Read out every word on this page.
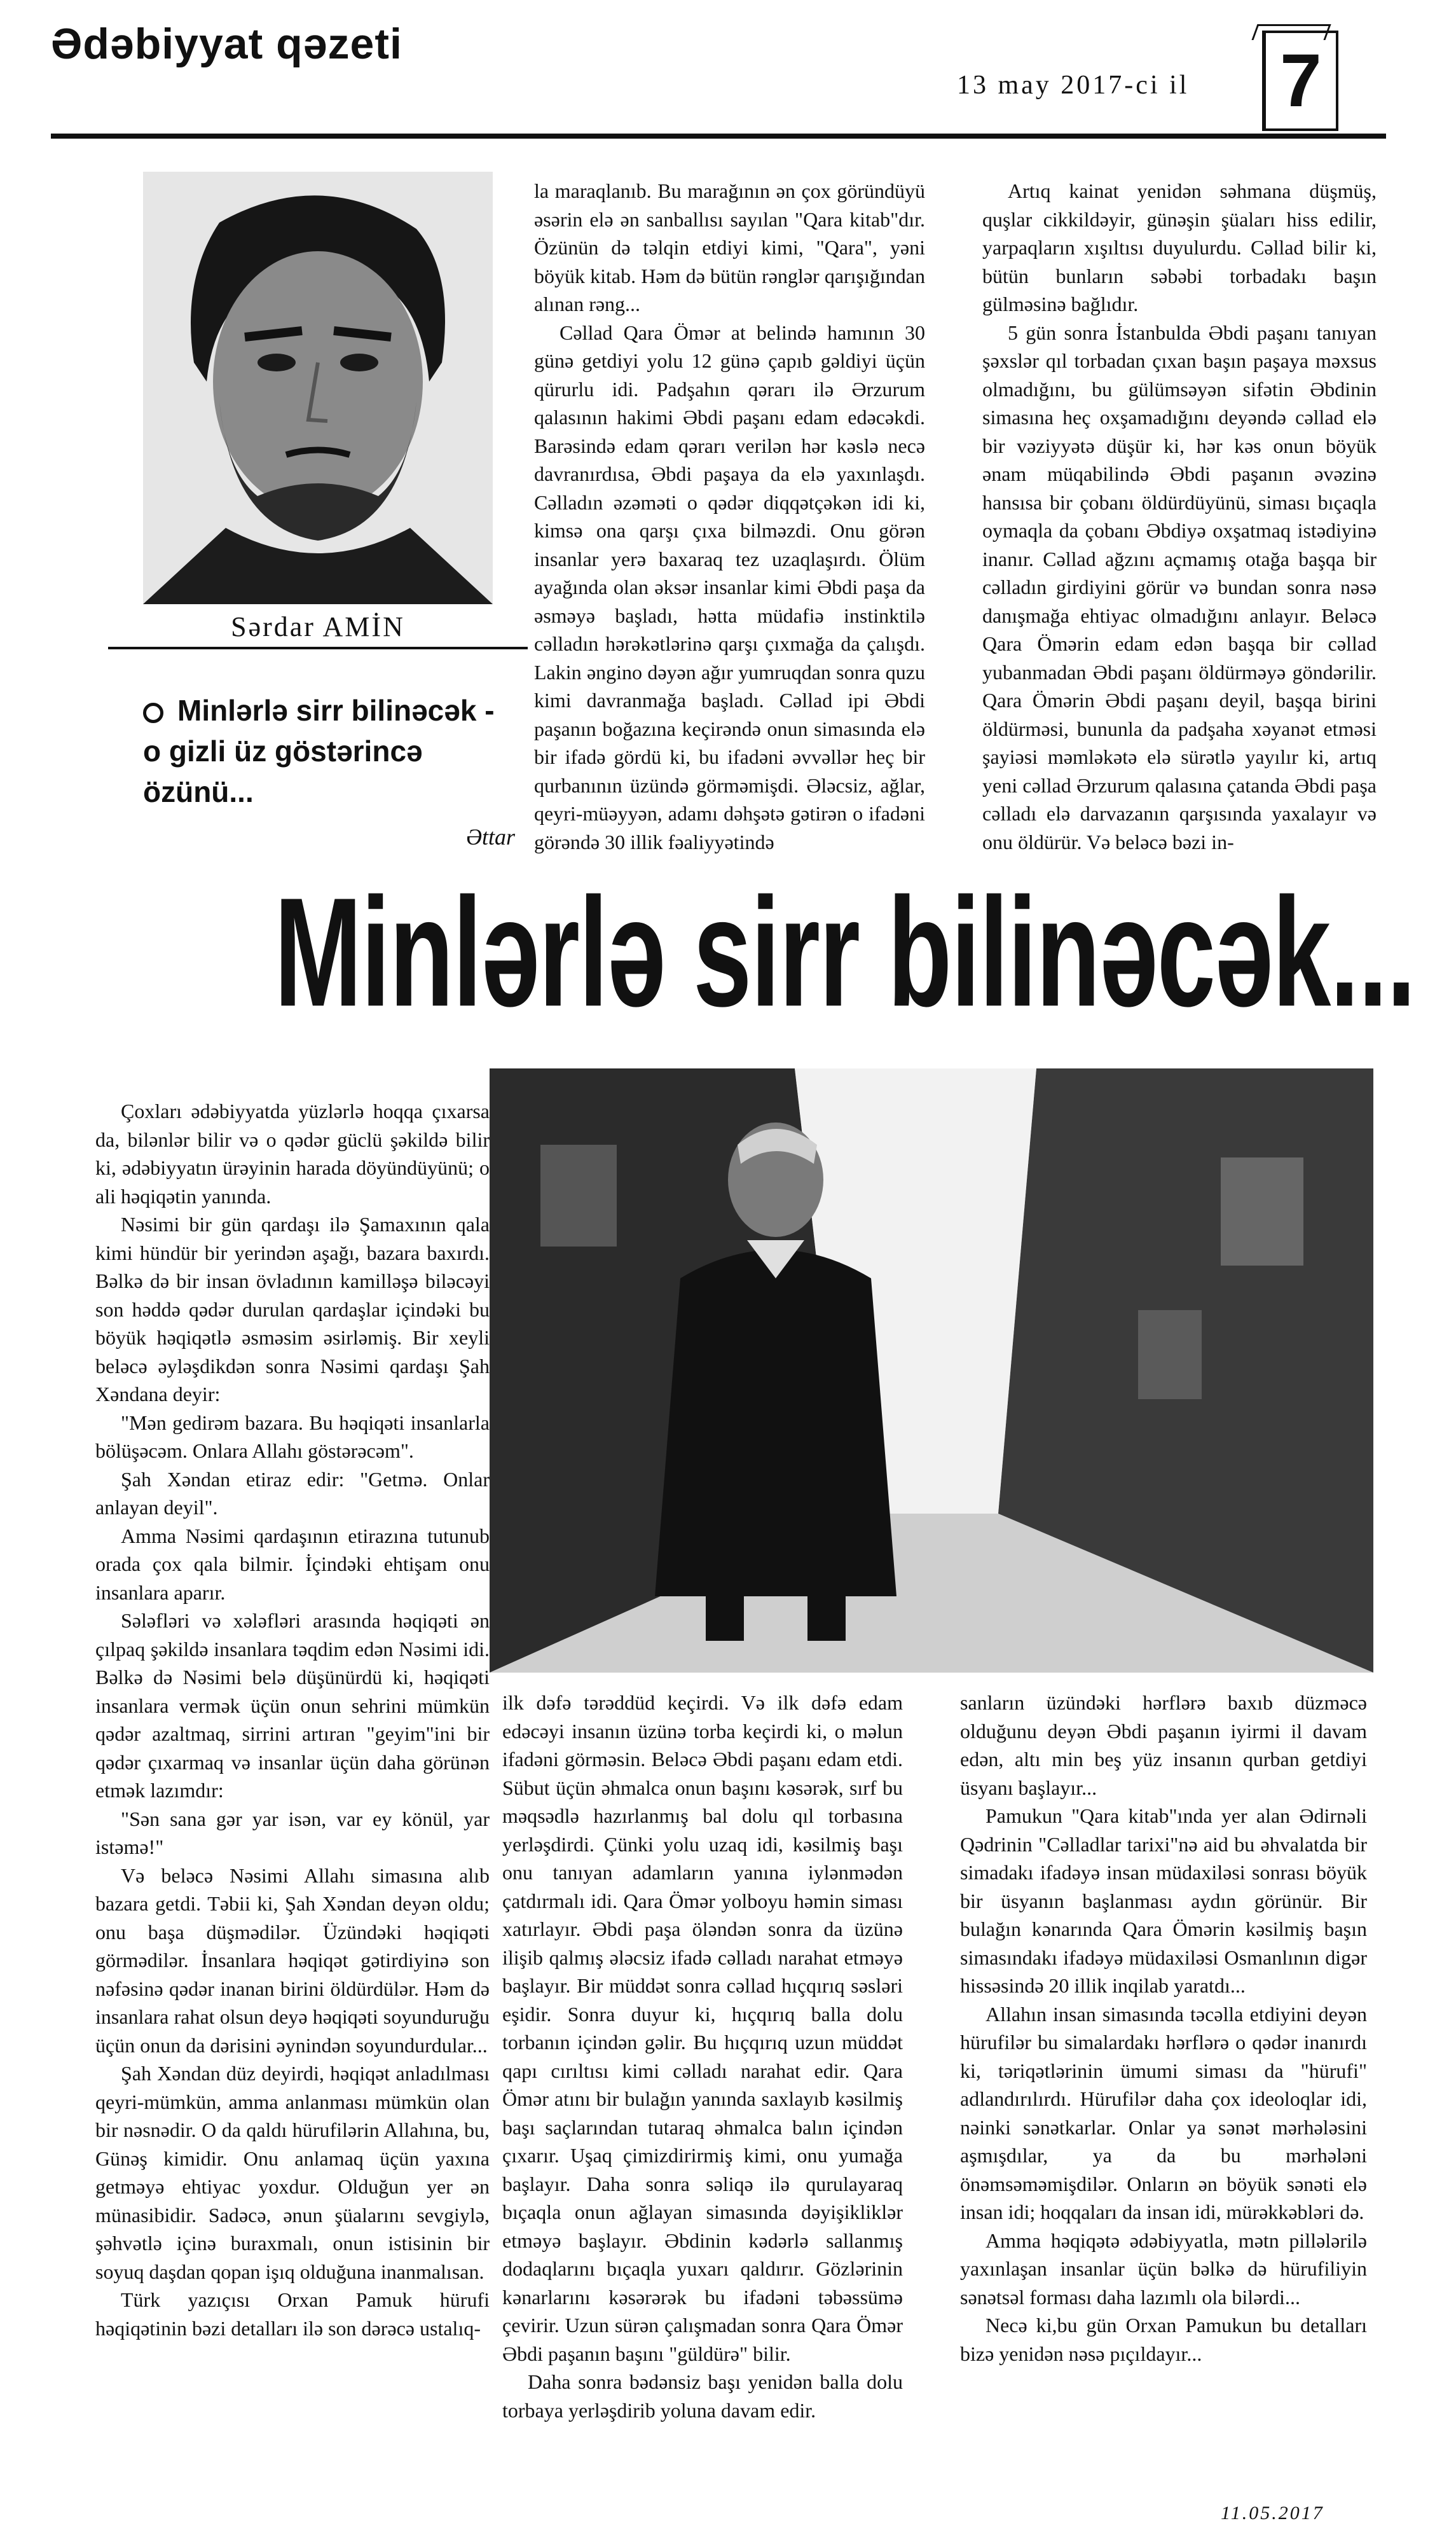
Ədəbiyyat qəzeti
13 may 2017-ci il 7
Sərdar AMİN
Minlərlə sirr bilinəcək - o gizli üz göstərincə özünü...
Əttar

la maraqlanıb. Bu marağının ən çox göründüyü əsərin elə ən sanballısı sayılan "Qara kitab"dır. Özünün də təlqin etdiyi kimi, "Qara", yəni böyük kitab. Həm də bütün rənglər qarışığından alınan rəng...

Cəllad Qara Ömər at belində hamının 30 günə getdiyi yolu 12 günə çapıb gəldiyi üçün qürurlu idi. Padşahın qərarı ilə Ərzurum qalasının hakimi Əbdi paşanı edam edəcəkdi. Barəsində edam qərarı verilən hər kəslə necə davranırdısa, Əbdi paşaya da elə yaxınlaşdı. Cəlladın əzəməti o qədər diqqətçəkən idi ki, kimsə ona qarşı çıxa bilməzdi. Onu görən insanlar yerə baxaraq tez uzaqlaşırdı. Ölüm ayağında olan əksər insanlar kimi Əbdi paşa da əsməyə başladı, hətta müdafiə instinktilə cəlladın hərəkətlərinə qarşı çıxmağa da çalışdı. Lakin əngino dəyən ağır yumruqdan sonra quzu kimi davranmağa başladı. Cəllad ipi Əbdi paşanın boğazına keçirəndə onun simasında elə bir ifadə gördü ki, bu ifadəni əvvəllər heç bir qurbanının üzündə görməmişdi. Ələcsiz, ağlar, qeyri-müəyyən, adamı dəhşətə gətirən o ifadəni görəndə 30 illik fəaliyyətində

Artıq kainat yenidən səhmana düşmüş, quşlar cikkildəyir, günəşin şüaları hiss edilir, yarpaqların xışıltısı duyulurdu. Cəllad bilir ki, bütün bunların səbəbi torbadakı başın gülməsinə bağlıdır.

5 gün sonra İstanbulda Əbdi paşanı tanıyan şəxslər qıl torbadan çıxan başın paşaya məxsus olmadığını, bu gülümsəyən sifətin Əbdinin simasına heç oxşamadığını deyəndə cəllad elə bir vəziyyətə düşür ki, hər kəs onun böyük ənam müqabilində Əbdi paşanın əvəzinə hansısa bir çobanı öldürdüyünü, siması bıçaqla oymaqla da çobanı Əbdiyə oxşatmaq istədiyinə inanır. Cəllad ağzını açmamış otağa başqa bir cəlladın girdiyini görür və bundan sonra nəsə danışmağa ehtiyac olmadığını anlayır. Beləcə Qara Ömərin edam edən başqa bir cəllad yubanmadan Əbdi paşanı öldürməyə göndərilir. Qara Ömərin Əbdi paşanı deyil, başqa birini öldürməsi, bununla da padşaha xəyanət etməsi şayiəsi məmləkətə elə sürətlə yayılır ki, artıq yeni cəllad Ərzurum qalasına çatanda Əbdi paşa cəlladı elə darvazanın qarşısında yaxalayır və onu öldürür. Və beləcə bəzi in-

Minlərlə sirr bilinəcək...

Çoxları ədəbiyyatda yüzlərlə hoqqa çıxarsa da, bilənlər bilir və o qədər güclü şəkildə bilir ki, ədəbiyyatın ürəyinin harada döyündüyünü; o ali həqiqətin yanında.

Nəsimi bir gün qardaşı ilə Şamaxının qala kimi hündür bir yerindən aşağı, bazara baxırdı. Bəlkə də bir insan övladının kamilləşə biləcəyi son həddə qədər durulan qardaşlar içindəki bu böyük həqiqətlə əsməsim əsirləmiş. Bir xeyli beləcə əyləşdikdən sonra Nəsimi qardaşı Şah Xəndana deyir:

"Mən gedirəm bazara. Bu həqiqəti insanlarla bölüşəcəm. Onlara Allahı göstərəcəm".

Şah Xəndan etiraz edir: "Getmə. Onlar anlayan deyil".

Amma Nəsimi qardaşının etirazına tutunub orada çox qala bilmir. İçindəki ehtişam onu insanlara aparır.

Sələfləri və xələfləri arasında həqiqəti ən çılpaq şəkildə insanlara təqdim edən Nəsimi idi. Bəlkə də Nəsimi belə düşünürdü ki, həqiqəti insanlara vermək üçün onun sehrini mümkün qədər azaltmaq, sirrini artıran "geyim"ini bir qədər çıxarmaq və insanlar üçün daha görünən etmək lazımdır:

"Sən sana gər yar isən, var ey könül, yar istəmə!"

Və beləcə Nəsimi Allahı simasına alıb bazara getdi. Təbii ki, Şah Xəndan deyən oldu; onu başa düşmədilər. Üzündəki həqiqəti görmədilər. İnsanlara həqiqət gətirdiyinə son nəfəsinə qədər inanan birini öldürdülər. Həm də insanlara rahat olsun deyə həqiqəti soyunduruğu üçün onun da dərisini əynindən soyundurdular...

Şah Xəndan düz deyirdi, həqiqət anladılması qeyri-mümkün, amma anlanması mümkün olan bir nəsnədir. O da qaldı hürufilərin Allahına, bu, Günəş kimidir. Onu anlamaq üçün yaxına getməyə ehtiyac yoxdur. Olduğun yer ən münasibidir. Sadəcə, ənun şüalarını sevgiylə, şəhvətlə içinə buraxmalı, onun istisinin bir soyuq daşdan qopan işıq olduğuna inanmalısan.

Türk yazıçısı Orxan Pamuk hürufi həqiqətinin bəzi detalları ilə son dərəcə ustalıq-

ilk dəfə tərəddüd keçirdi. Və ilk dəfə edam edəcəyi insanın üzünə torba keçirdi ki, o məlun ifadəni görməsin. Beləcə Əbdi paşanı edam etdi. Sübut üçün əhmalca onun başını kəsərək, sırf bu məqsədlə hazırlanmış bal dolu qıl torbasına yerləşdirdi. Çünki yolu uzaq idi, kəsilmiş başı onu tanıyan adamların yanına iylənmədən çatdırmalı idi. Qara Ömər yolboyu həmin siması xatırlayır. Əbdi paşa öləndən sonra da üzünə ilişib qalmış ələcsiz ifadə cəlladı narahat etməyə başlayır. Bir müddət sonra cəllad hıçqırıq səsləri eşidir. Sonra duyur ki, hıçqırıq balla dolu torbanın içindən gəlir. Bu hıçqırıq uzun müddət qapı cırıltısı kimi cəlladı narahat edir. Qara Ömər atını bir bulağın yanında saxlayıb kəsilmiş başı saçlarından tutaraq əhmalca balın içindən çıxarır. Uşaq çimizdirirmiş kimi, onu yumağa başlayır. Daha sonra səliqə ilə qurulayaraq bıçaqla onun ağlayan simasında dəyişikliklər etməyə başlayır. Əbdinin kədərlə sallanmış dodaqlarını bıçaqla yuxarı qaldırır. Gözlərinin kənarlarını kəsərərək bu ifadəni təbəssümə çevirir. Uzun sürən çalışmadan sonra Qara Ömər Əbdi paşanın başını "güldürə" bilir.

Daha sonra bədənsiz başı yenidən balla dolu torbaya yerləşdirib yoluna davam edir.

sanların üzündəki hərflərə baxıb düzməcə olduğunu deyən Əbdi paşanın iyirmi il davam edən, altı min beş yüz insanın qurban getdiyi üsyanı başlayır...

Pamukun "Qara kitab"ında yer alan Ədirnəli Qədrinin "Cəlladlar tarixi"nə aid bu əhvalatda bir simadakı ifadəyə insan müdaxiləsi sonrası böyük bir üsyanın başlanması aydın görünür. Bir bulağın kənarında Qara Ömərin kəsilmiş başın simasındakı ifadəyə müdaxiləsi Osmanlının digər hissəsində 20 illik inqilab yaratdı...

Allahın insan simasında təcəlla etdiyini deyən hürufilər bu simalardakı hərflərə o qədər inanırdı ki, təriqətlərinin ümumi siması da "hürufi" adlandırılırdı. Hürufilər daha çox ideoloqlar idi, nəinki sənətkarlar. Onlar ya sənət mərhələsini aşmışdılar, ya da bu mərhələni önəmsəməmişdilər. Onların ən böyük sənəti elə insan idi; hoqqaları da insan idi, mürəkkəbləri də.

Amma həqiqətə ədəbiyyatla, mətn pillələrilə yaxınlaşan insanlar üçün bəlkə də hürufiliyin sənətsəl forması daha lazımlı ola bilərdi...

Necə ki,bu gün Orxan Pamukun bu detalları bizə yenidən nəsə pıçıldayır...

11.05.2017
